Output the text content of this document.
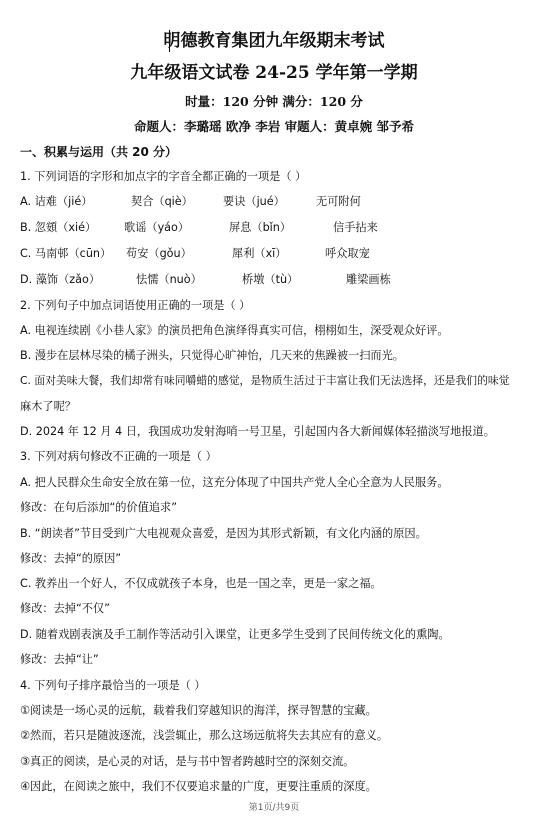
明德教育集团九年级期末考试
九年级语文试卷 24-25 学年第一学期
时量：120 分钟 满分：120 分
命题人：李璐瑶 欧净 李岩 审题人：黄卓婉 邹予希
一、积累与运用（共 20 分）
1. 下列词语的字形和加点字的字音全都正确的一项是（ ）
A. 诘难（jié）	契合（qiè）	要诀（jué）	无可附何
B. 忽頞（xié） 歌谣（yáo）	屏息（bǐn）	信手拈来
C. 马南邨（cūn） 苟安（gǒu）	犀利（xī）	呼众取宠
D. 藻饰（zǎo）	怯懦（nuò）	桥墩（tù）	雕梁画栋
2. 下列句子中加点词语使用正确的一项是（ ）
A. 电视连续剧《小巷人家》的演员把角色演绎得真实可信，栩栩如生，深受观众好评。
B. 漫步在层林尽染的橘子洲头，只觉得心旷神怡，几天来的焦躁被一扫而光。
C. 面对美味大餐，我们却常有味同嚼蜡的感觉，是物质生活过于丰富让我们无法选择，还是我们的味觉
麻木了呢？
D. 2024 年 12 月 4 日，我国成功发射海哨一号卫星，引起国内各大新闻媒体轻描淡写地报道。
3. 下列对病句修改不正确的一项是（ ）
A. 把人民群众生命安全放在第一位，这充分体现了中国共产党人全心全意为人民服务。
修改：在句后添加“的价值追求”
B. “朗读者”节目受到广大电视观众喜爱，是因为其形式新颖，有文化内涵的原因。
修改：去掉“的原因”
C. 教养出一个好人，不仅成就孩子本身，也是一国之幸，更是一家之福。
修改：去掉“不仅”
D. 随着戏剧表演及手工制作等活动引入课堂，让更多学生受到了民间传统文化的熏陶。
修改：去掉“让”
4. 下列句子排序最恰当的一项是（ ）
①阅读是一场心灵的远航，载着我们穿越知识的海洋，探寻智慧的宝藏。
②然而，若只是随波逐流，浅尝辄止，那么这场远航将失去其应有的意义。
③真正的阅读，是心灵的对话，是与书中智者跨越时空的深刻交流。
④因此，在阅读之旅中，我们不仅要追求量的广度，更要注重质的深度。
第1页/共9页
